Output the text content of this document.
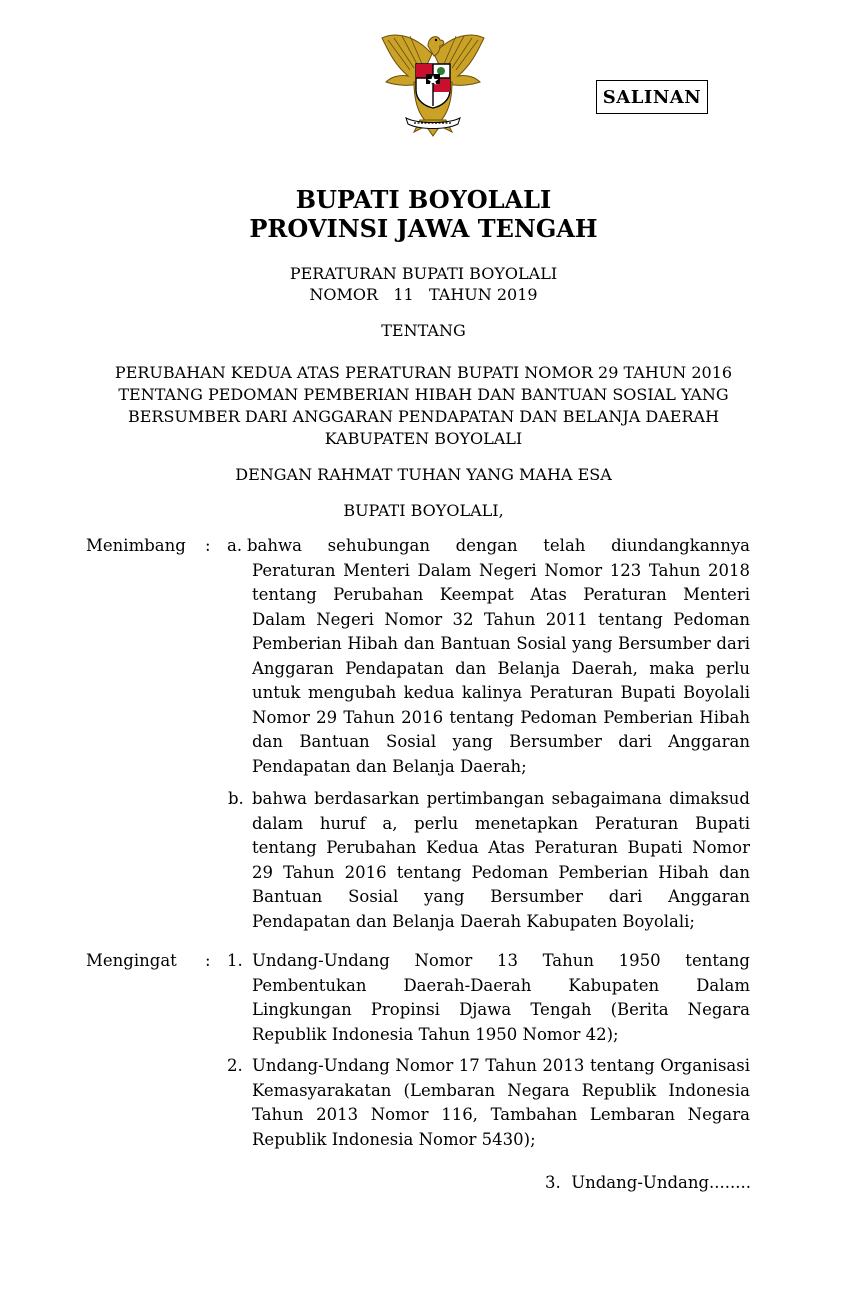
SALINAN
BUPATI BOYOLALI
PROVINSI JAWA TENGAH
PERATURAN BUPATI BOYOLALI
NOMOR   11   TAHUN 2019
TENTANG
PERUBAHAN KEDUA ATAS PERATURAN BUPATI NOMOR 29 TAHUN 2016
TENTANG PEDOMAN PEMBERIAN HIBAH DAN BANTUAN SOSIAL YANG
BERSUMBER DARI ANGGARAN PENDAPATAN DAN BELANJA DAERAH
KABUPATEN BOYOLALI
DENGAN RAHMAT TUHAN YANG MAHA ESA
BUPATI BOYOLALI,
Menimbang : a. bahwa sehubungan dengan telah diundangkannya Peraturan Menteri Dalam Negeri Nomor 123 Tahun 2018 tentang Perubahan Keempat Atas Peraturan Menteri Dalam Negeri Nomor 32 Tahun 2011 tentang Pedoman Pemberian Hibah dan Bantuan Sosial yang Bersumber dari Anggaran Pendapatan dan Belanja Daerah, maka perlu untuk mengubah kedua kalinya Peraturan Bupati Boyolali Nomor 29 Tahun 2016 tentang Pedoman Pemberian Hibah dan Bantuan Sosial yang Bersumber dari Anggaran Pendapatan dan Belanja Daerah;
b. bahwa berdasarkan pertimbangan sebagaimana dimaksud dalam huruf a, perlu menetapkan Peraturan Bupati tentang Perubahan Kedua Atas Peraturan Bupati Nomor 29 Tahun 2016 tentang Pedoman Pemberian Hibah dan Bantuan Sosial yang Bersumber dari Anggaran Pendapatan dan Belanja Daerah Kabupaten Boyolali;
Mengingat : 1. Undang-Undang Nomor 13 Tahun 1950 tentang Pembentukan Daerah-Daerah Kabupaten Dalam Lingkungan Propinsi Djawa Tengah (Berita Negara Republik Indonesia Tahun 1950 Nomor 42);
2. Undang-Undang Nomor 17 Tahun 2013 tentang Organisasi Kemasyarakatan (Lembaran Negara Republik Indonesia Tahun 2013 Nomor 116, Tambahan Lembaran Negara Republik Indonesia Nomor 5430);
3.  Undang-Undang........
